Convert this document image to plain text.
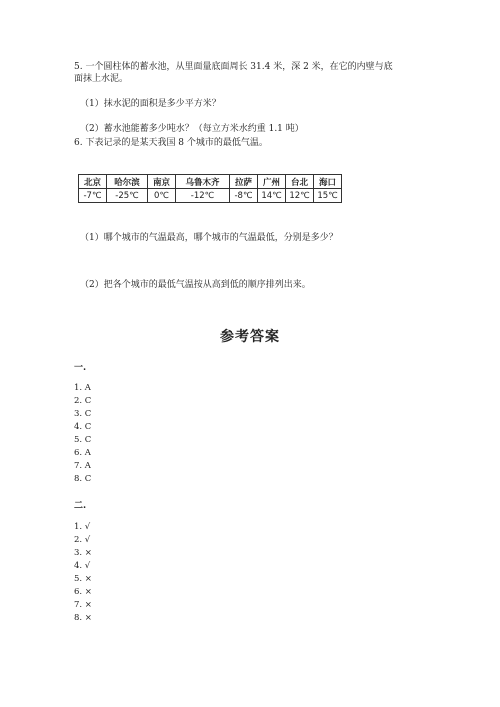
5. 一个圆柱体的蓄水池，从里面量底面周长 31.4 米，深 2 米，在它的内壁与底
面抹上水泥。
（1）抹水泥的面积是多少平方米？
（2）蓄水池能蓄多少吨水？（每立方米水约重 1.1 吨）
6. 下表记录的是某天我国 8 个城市的最低气温。
北京	哈尔滨	南京	乌鲁木齐	拉萨	广州	台北	海口
-7℃	-25℃	0℃	-12℃	-8℃	14℃	12℃	15℃
（1）哪个城市的气温最高，哪个城市的气温最低，分别是多少？
（2）把各个城市的最低气温按从高到低的顺序排列出来。
参考答案
一.
1. A
2. C
3. C
4. C
5. C
6. A
7. A
8. C
二.
1. √
2. √
3. ×
4. √
5. ×
6. ×
7. ×
8. ×
